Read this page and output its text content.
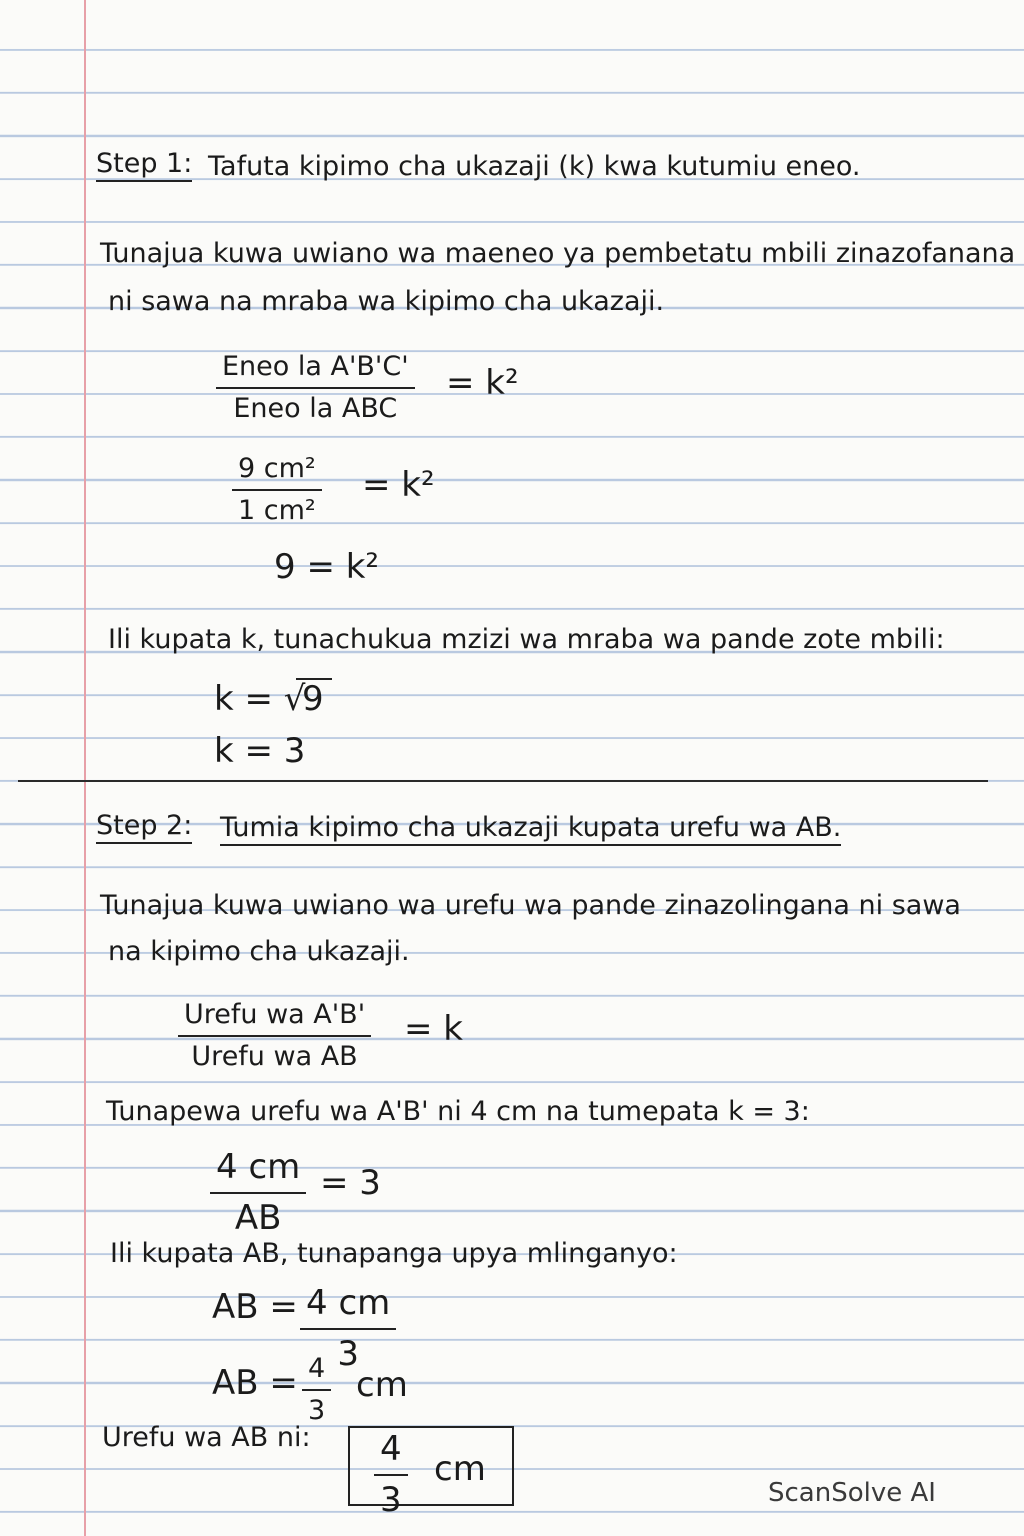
Step 1: Tafuta kipimo cha ukazaji (k) kwa kutumiu eneo.
Tunajua kuwa uwiano wa maeneo ya pembetatu mbili zinazofanana
ni sawa na mraba wa kipimo cha ukazaji.
Eneo la A'B'C'
Eneo la ABC
= k²
$\frac{\text{9 cm²}}{\text{1 cm²}} = k^2$
9 = k²
Ili kupata k, tunachukua mzizi wa mraba wa pande zote mbili:
k = √
9
k = 3
Step 2: Tumia kipimo cha ukazaji kupata urefu wa AB.
Tunajua kuwa uwiano wa urefu wa pande zinazolingana ni sawa
na kipimo cha ukazaji.
Urefu wa A'B'
Urefu wa AB
= k
Tunapewa urefu wa A'B' ni 4 cm na tumepata k = 3:
$\frac{4 cm}{AB} = 3$
Ili kupata AB, tunapanga upya mlinganyo:
AB = $\frac{4 cm}{3}$
AB = $\frac{4}{3}$ cm
Urefu wa AB ni: $\frac{4}{3}$ cm
ScanSolve AI
